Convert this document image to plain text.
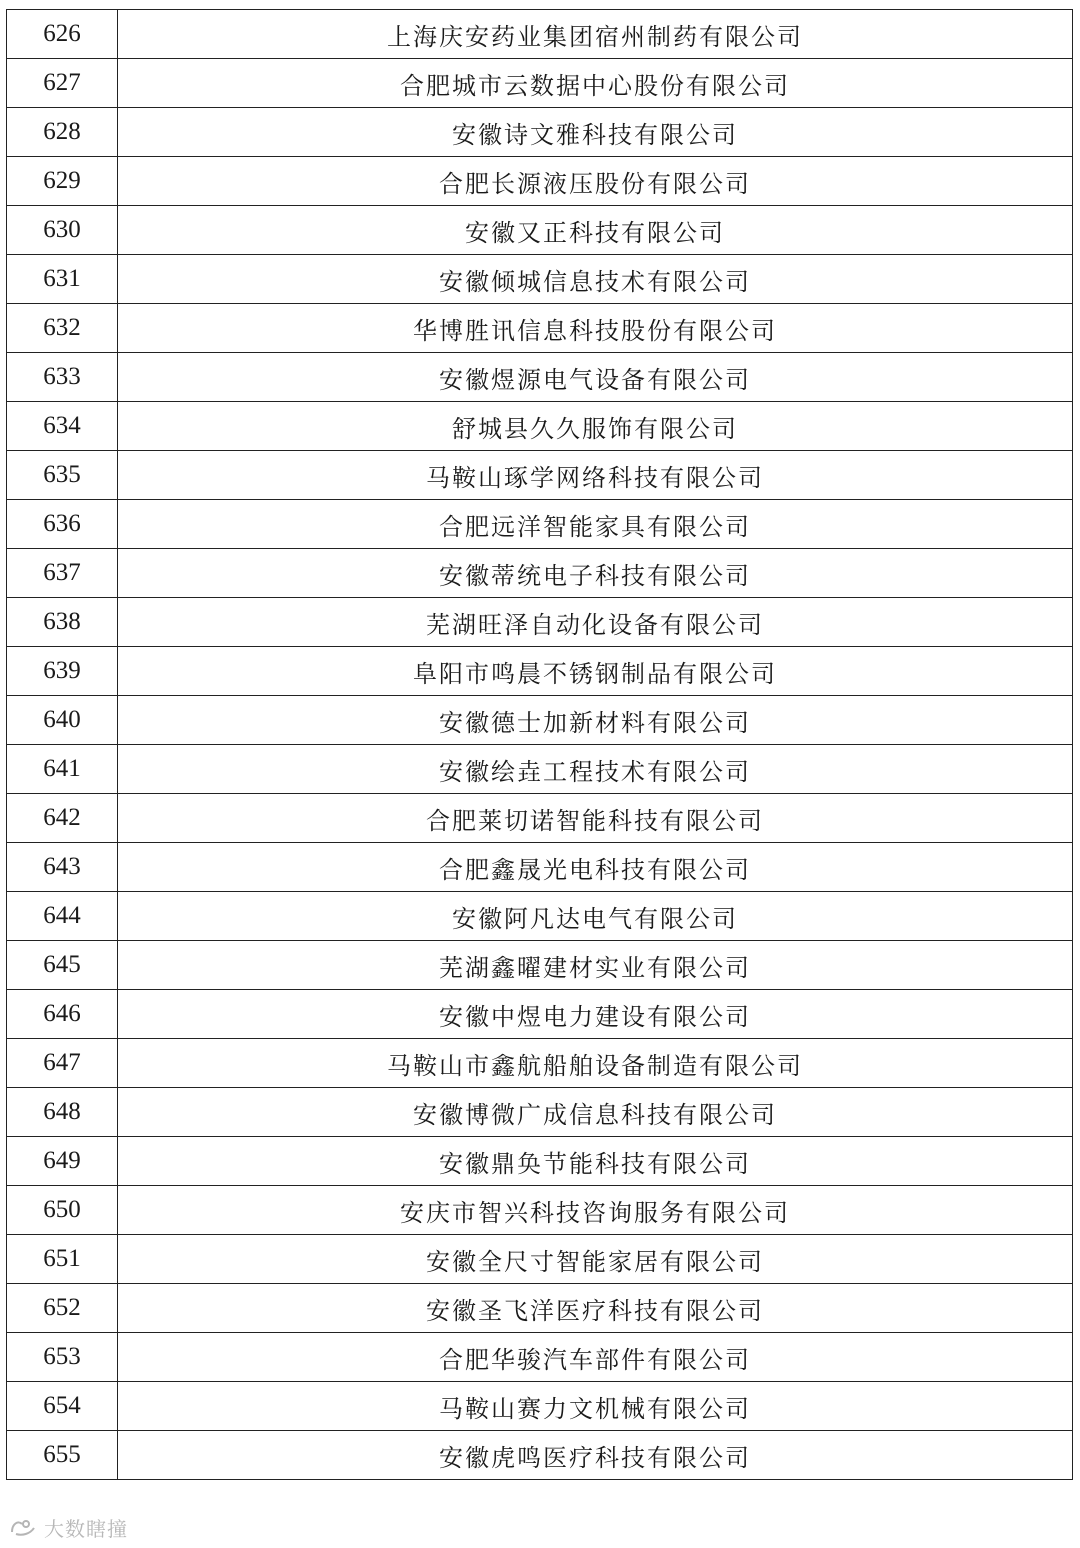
626	上海庆安药业集团宿州制药有限公司
627	合肥城市云数据中心股份有限公司
628	安徽诗文雅科技有限公司
629	合肥长源液压股份有限公司
630	安徽又正科技有限公司
631	安徽倾城信息技术有限公司
632	华博胜讯信息科技股份有限公司
633	安徽煜源电气设备有限公司
634	舒城县久久服饰有限公司
635	马鞍山琢学网络科技有限公司
636	合肥远洋智能家具有限公司
637	安徽蒂统电子科技有限公司
638	芜湖旺泽自动化设备有限公司
639	阜阳市鸣晨不锈钢制品有限公司
640	安徽德士加新材料有限公司
641	安徽绘垚工程技术有限公司
642	合肥莱切诺智能科技有限公司
643	合肥鑫晟光电科技有限公司
644	安徽阿凡达电气有限公司
645	芜湖鑫曜建材实业有限公司
646	安徽中煜电力建设有限公司
647	马鞍山市鑫航船舶设备制造有限公司
648	安徽博微广成信息科技有限公司
649	安徽鼎奂节能科技有限公司
650	安庆市智兴科技咨询服务有限公司
651	安徽全尺寸智能家居有限公司
652	安徽圣飞洋医疗科技有限公司
653	合肥华骏汽车部件有限公司
654	马鞍山赛力文机械有限公司
655	安徽虎鸣医疗科技有限公司
大数瞎撞
